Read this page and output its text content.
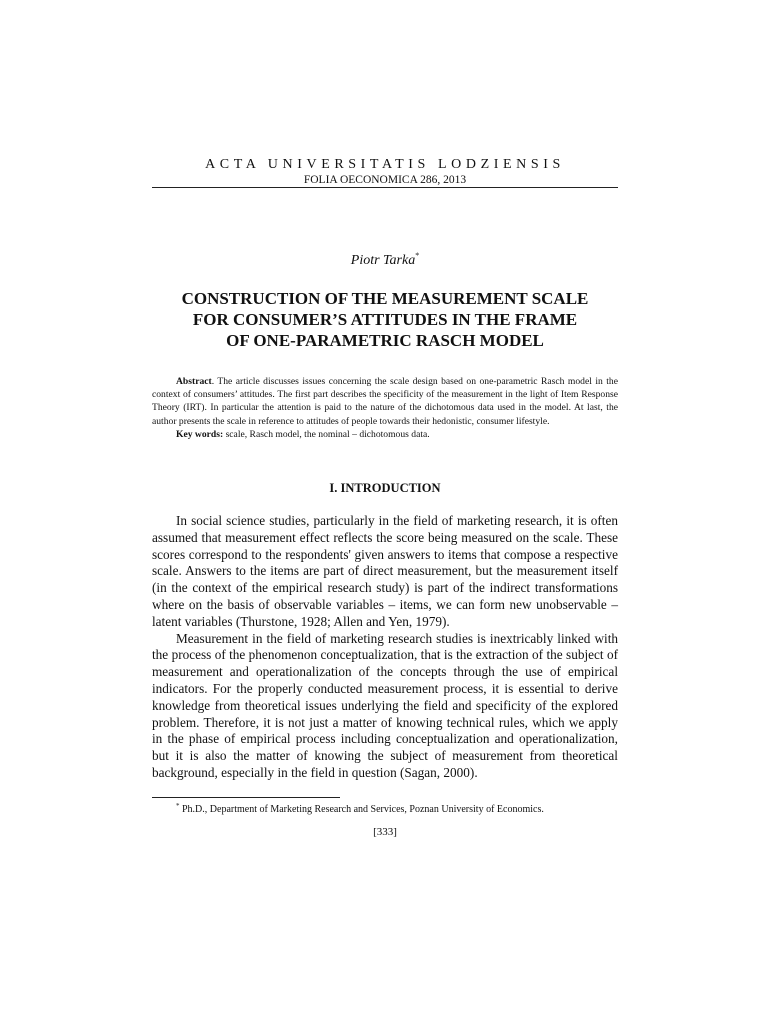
ACTA UNIVERSITATIS LODZIENSIS
FOLIA OECONOMICA 286, 2013
Piotr Tarka*
CONSTRUCTION OF THE MEASUREMENT SCALE
FOR CONSUMER’S ATTITUDES IN THE FRAME
OF ONE-PARAMETRIC RASCH MODEL

Abstract. The article discusses issues concerning the scale design based on one-parametric Rasch model in the context of consumers’ attitudes. The first part describes the specificity of the measurement in the light of Item Response Theory (IRT). In particular the attention is paid to the nature of the dichotomous data used in the model. At last, the author presents the scale in reference to attitudes of people towards their hedonistic, consumer lifestyle.

Key words: scale, Rasch model, the nominal – dichotomous data.

I. INTRODUCTION

In social science studies, particularly in the field of marketing research, it is often assumed that measurement effect reflects the score being measured on the scale. These scores correspond to the respondents' given answers to items that compose a respective scale. Answers to the items are part of direct measurement, but the measurement itself (in the context of the empirical research study) is part of the indirect transformations where on the basis of observable variables – items, we can form new unobservable – latent variables (Thurstone, 1928; Allen and Yen, 1979).

Measurement in the field of marketing research studies is inextricably linked with the process of the phenomenon conceptualization, that is the extraction of the subject of measurement and operationalization of the concepts through the use of empirical indicators. For the properly conducted measurement process, it is essential to derive knowledge from theoretical issues underlying the field and specificity of the explored problem. Therefore, it is not just a matter of knowing technical rules, which we apply in the phase of empirical process including conceptualization and operationalization, but it is also the matter of knowing the subject of measurement from theoretical background, especially in the field in question (Sagan, 2000).

* Ph.D., Department of Marketing Research and Services, Poznan University of Economics.
[333]
